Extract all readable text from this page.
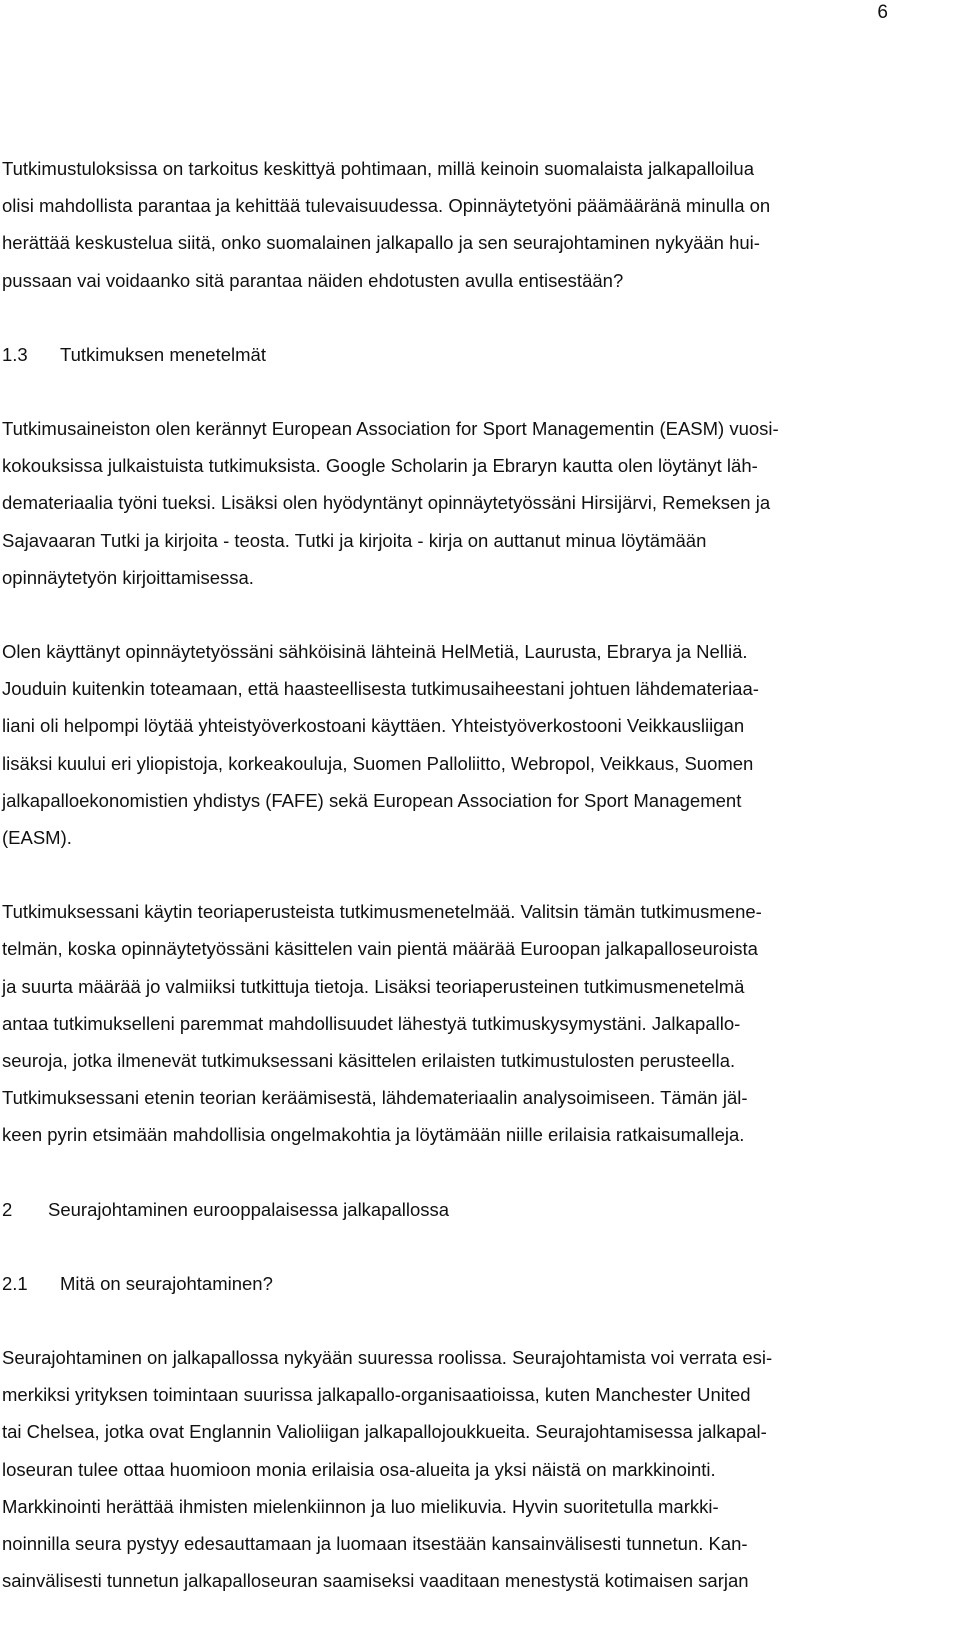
6

Tutkimustuloksissa on tarkoitus keskittyä pohtimaan, millä keinoin suomalaista jalkapalloilua
olisi mahdollista parantaa ja kehittää tulevaisuudessa. Opinnäytetyöni päämääränä minulla on
herättää keskustelua siitä, onko suomalainen jalkapallo ja sen seurajohtaminen nykyään hui-
pussaan vai voidaanko sitä parantaa näiden ehdotusten avulla entisestään?

1.3 Tutkimuksen menetelmät

Tutkimusaineiston olen kerännyt European Association for Sport Managementin (EASM) vuosi-
kokouksissa julkaistuista tutkimuksista. Google Scholarin ja Ebraryn kautta olen löytänyt läh-
demateriaalia työni tueksi. Lisäksi olen hyödyntänyt opinnäytetyössäni Hirsijärvi, Remeksen ja
Sajavaaran Tutki ja kirjoita - teosta. Tutki ja kirjoita - kirja on auttanut minua löytämään
opinnäytetyön kirjoittamisessa.

Olen käyttänyt opinnäytetyössäni sähköisinä lähteinä HelMetiä, Laurusta, Ebrarya ja Nelliä.
Jouduin kuitenkin toteamaan, että haasteellisesta tutkimusaiheestani johtuen lähdemateriaa-
liani oli helpompi löytää yhteistyöverkostoani käyttäen. Yhteistyöverkostooni Veikkausliigan
lisäksi kuului eri yliopistoja, korkeakouluja, Suomen Palloliitto, Webropol, Veikkaus, Suomen
jalkapalloekonomistien yhdistys (FAFE) sekä European Association for Sport Management
(EASM).

Tutkimuksessani käytin teoriaperusteista tutkimusmenetelmää. Valitsin tämän tutkimusmene-
telmän, koska opinnäytetyössäni käsittelen vain pientä määrää Euroopan jalkapalloseuroista
ja suurta määrää jo valmiiksi tutkittuja tietoja. Lisäksi teoriaperusteinen tutkimusmenetelmä
antaa tutkimukselleni paremmat mahdollisuudet lähestyä tutkimuskysymystäni. Jalkapallo-
seuroja, jotka ilmenevät tutkimuksessani käsittelen erilaisten tutkimustulosten perusteella.
Tutkimuksessani etenin teorian keräämisestä, lähdemateriaalin analysoimiseen. Tämän jäl-
keen pyrin etsimään mahdollisia ongelmakohtia ja löytämään niille erilaisia ratkaisumalleja.

2 Seurajohtaminen eurooppalaisessa jalkapallossa

2.1 Mitä on seurajohtaminen?

Seurajohtaminen on jalkapallossa nykyään suuressa roolissa. Seurajohtamista voi verrata esi-
merkiksi yrityksen toimintaan suurissa jalkapallo-organisaatioissa, kuten Manchester United
tai Chelsea, jotka ovat Englannin Valioliigan jalkapallojoukkueita. Seurajohtamisessa jalkapal-
loseuran tulee ottaa huomioon monia erilaisia osa-alueita ja yksi näistä on markkinointi.
Markkinointi herättää ihmisten mielenkiinnon ja luo mielikuvia. Hyvin suoritetulla markki-
noinnilla seura pystyy edesauttamaan ja luomaan itsestään kansainvälisesti tunnetun. Kan-
sainvälisesti tunnetun jalkapalloseuran saamiseksi vaaditaan menestystä kotimaisen sarjan
